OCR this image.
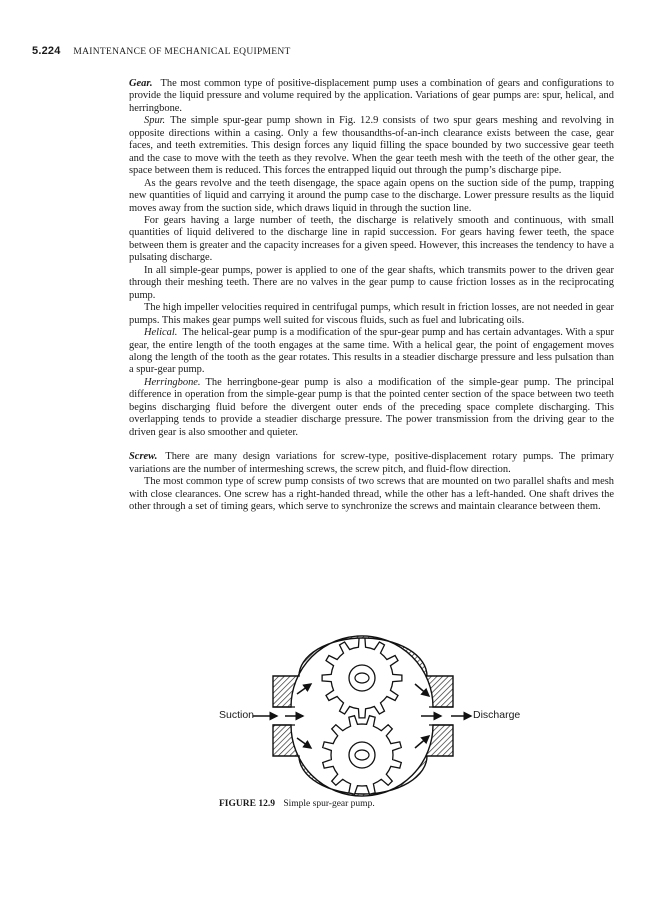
5.224 MAINTENANCE OF MECHANICAL EQUIPMENT

Gear. The most common type of positive-displacement pump uses a combination of gears and configurations to provide the liquid pressure and volume required by the application. Variations of gear pumps are: spur, helical, and herringbone.

Spur. The simple spur-gear pump shown in Fig. 12.9 consists of two spur gears meshing and revolving in opposite directions within a casing. Only a few thousandths-of-an-inch clearance exists between the case, gear faces, and teeth extremities. This design forces any liquid filling the space bounded by two successive gear teeth and the case to move with the teeth as they revolve. When the gear teeth mesh with the teeth of the other gear, the space between them is reduced. This forces the entrapped liquid out through the pump’s discharge pipe.

As the gears revolve and the teeth disengage, the space again opens on the suction side of the pump, trapping new quantities of liquid and carrying it around the pump case to the discharge. Lower pressure results as the liquid moves away from the suction side, which draws liquid in through the suction line.

For gears having a large number of teeth, the discharge is relatively smooth and continuous, with small quantities of liquid delivered to the discharge line in rapid succession. For gears having fewer teeth, the space between them is greater and the capacity increases for a given speed. However, this increases the tendency to have a pulsating discharge.

In all simple-gear pumps, power is applied to one of the gear shafts, which transmits power to the driven gear through their meshing teeth. There are no valves in the gear pump to cause friction losses as in the reciprocating pump.

The high impeller velocities required in centrifugal pumps, which result in friction losses, are not needed in gear pumps. This makes gear pumps well suited for viscous fluids, such as fuel and lubricating oils.

Helical. The helical-gear pump is a modification of the spur-gear pump and has certain advantages. With a spur gear, the entire length of the tooth engages at the same time. With a helical gear, the point of engagement moves along the length of the tooth as the gear rotates. This results in a steadier discharge pressure and less pulsation than a spur-gear pump.

Herringbone. The herringbone-gear pump is also a modification of the simple-gear pump. The principal difference in operation from the simple-gear pump is that the pointed center section of the space between two teeth begins discharging fluid before the divergent outer ends of the preceding space complete discharging. This overlapping tends to provide a steadier discharge pressure. The power transmission from the driving gear to the driven gear is also smoother and quieter.

Screw. There are many design variations for screw-type, positive-displacement rotary pumps. The primary variations are the number of intermeshing screws, the screw pitch, and fluid-flow direction.

The most common type of screw pump consists of two screws that are mounted on two parallel shafts and mesh with close clearances. One screw has a right-handed thread, while the other has a left-handed. One shaft drives the other through a set of timing gears, which serve to synchronize the screws and maintain clearance between them.

Suction	Discharge
FIGURE 12.9 Simple spur-gear pump.
